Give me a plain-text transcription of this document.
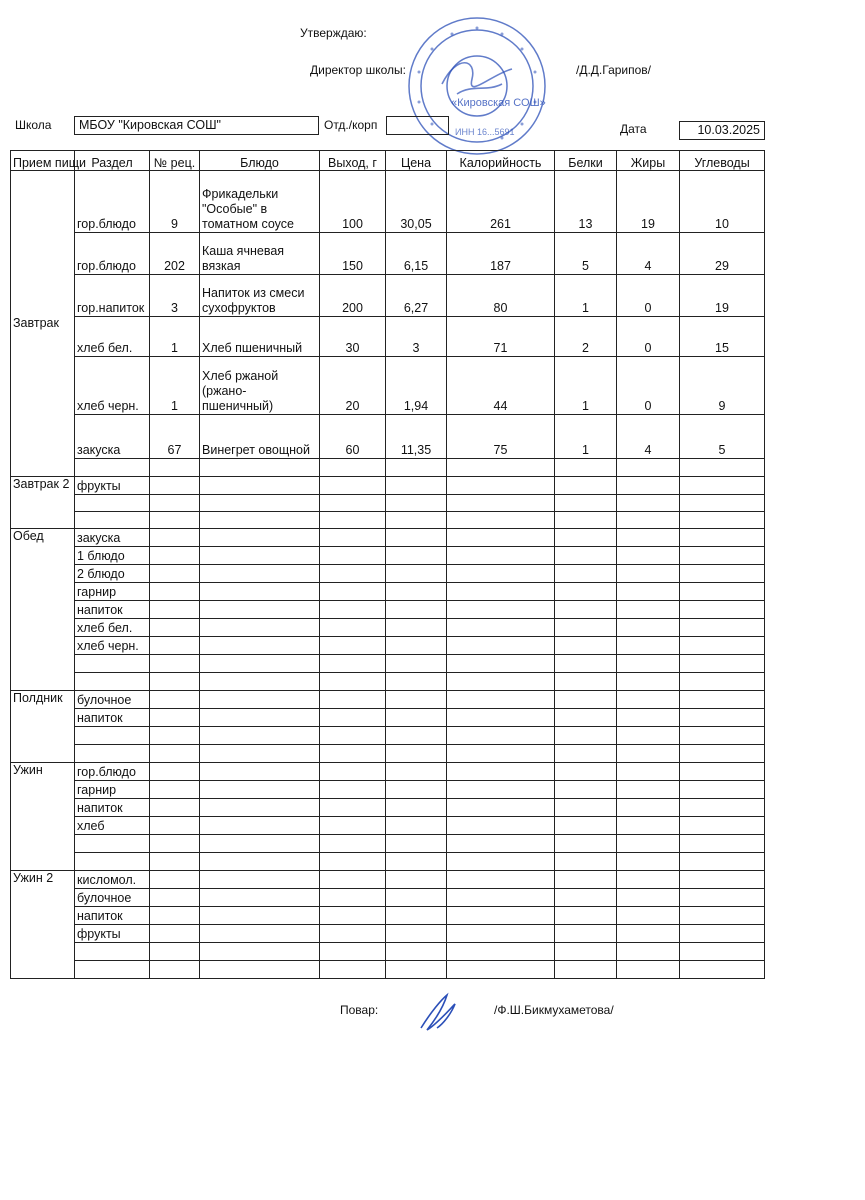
Утверждаю:
Директор школы:	/Д.Д.Гарипов/
«Кировская СОШ»
ИНН 16...5691
Школа	МБОУ "Кировская СОШ"	Отд./корп	Дата	10.03.2025
Прием пищи	Раздел	№ рец.	Блюдо	Выход, г	Цена	Калорийность	Белки	Жиры	Углеводы
Завтрак	гор.блюдо	9	Фрикадельки "Особые" в томатном соусе	100	30,05	261	13	19	10
	гор.блюдо	202	Каша ячневая вязкая	150	6,15	187	5	4	29
	гор.напиток	3	Напиток из смеси сухофруктов	200	6,27	80	1	0	19
	хлеб бел.	1	Хлеб пшеничный	30	3	71	2	0	15
	хлеб черн.	1	Хлеб ржаной (ржано-пшеничный)	20	1,94	44	1	0	9
	закуска	67	Винегрет овощной	60	11,35	75	1	4	5

Завтрак 2	фрукты								

Обед	закуска								
	1 блюдо								
	2 блюдо								
	гарнир								
	напиток								
	хлеб бел.								
	хлеб черн.								

Полдник	булочное								
	напиток								

Ужин	гор.блюдо								
	гарнир								
	напиток								
	хлеб								

Ужин 2	кисломол.								
	булочное								
	напиток								
	фрукты								

Повар:	/Ф.Ш.Бикмухаметова/
